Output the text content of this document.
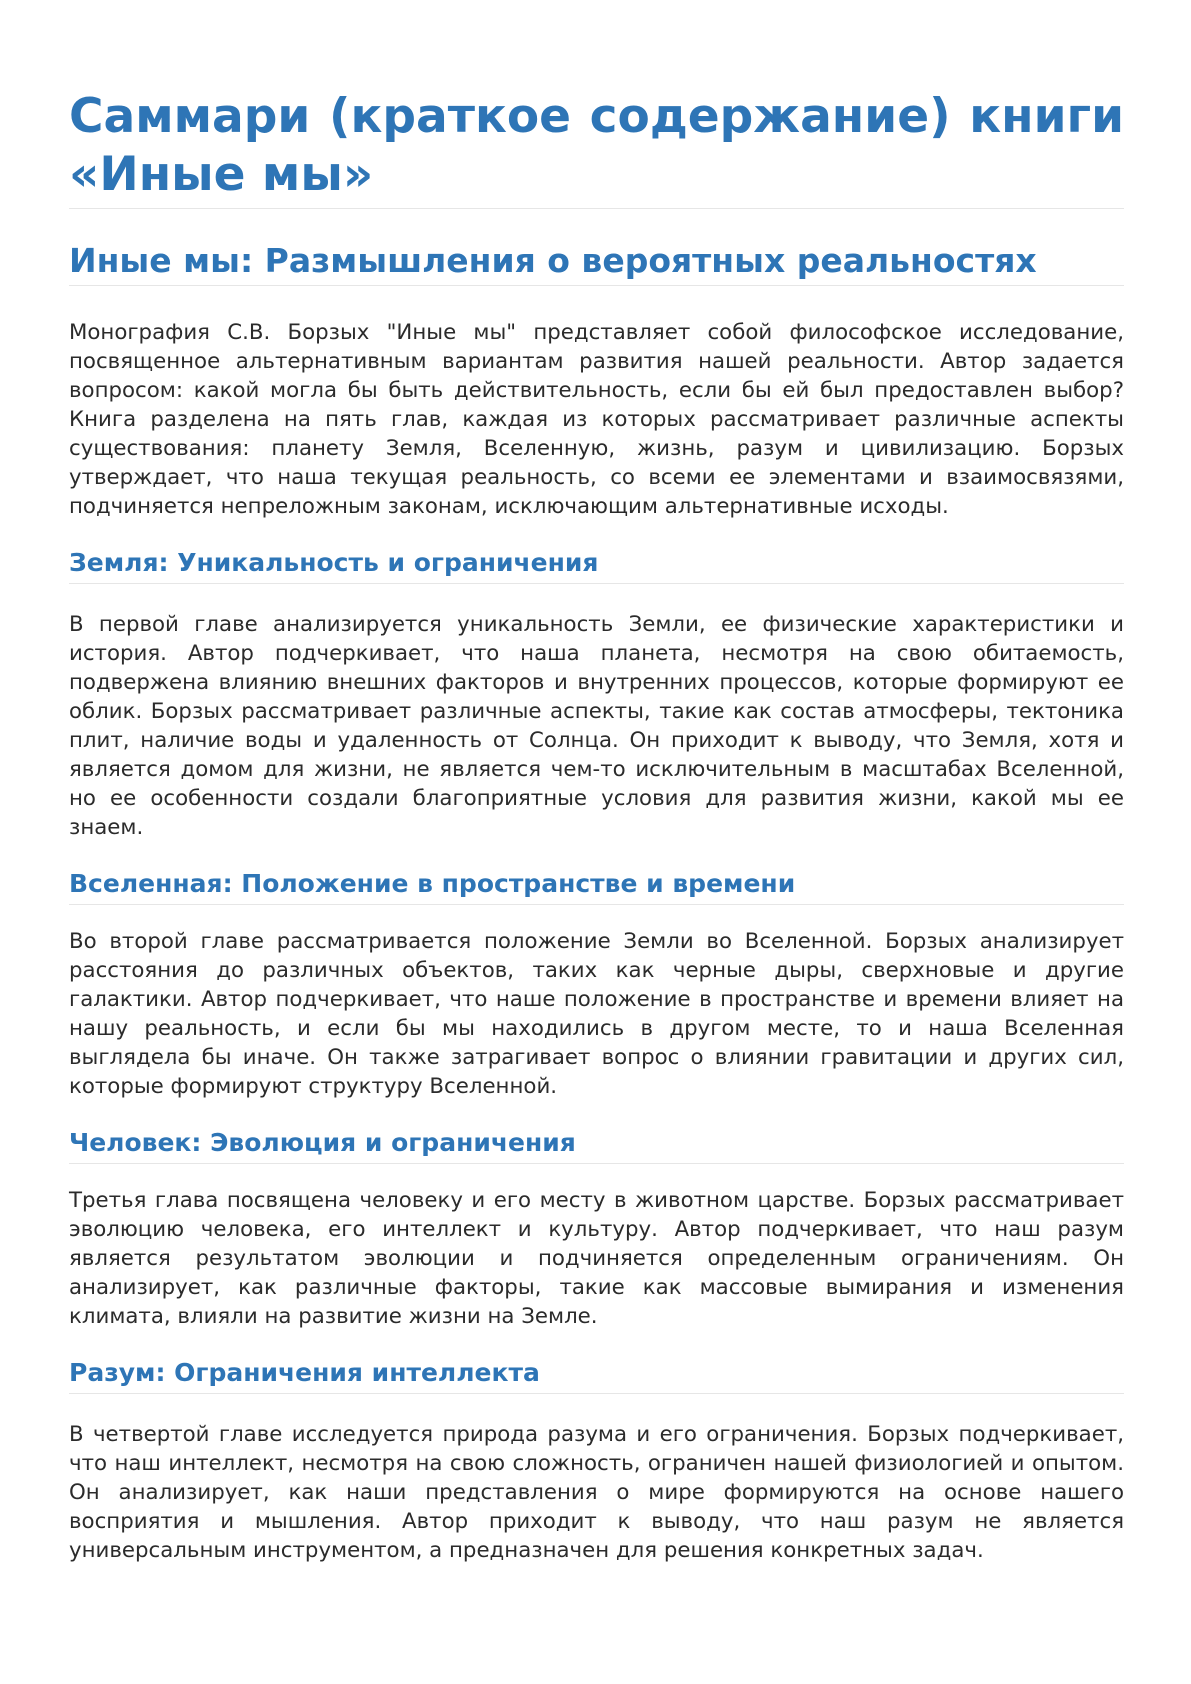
Саммари (краткое содержание) книги «Иные мы»
Иные мы: Размышления о вероятных реальностях

Монография С.В. Борзых "Иные мы" представляет собой философское исследование, посвященное альтернативным вариантам развития нашей реальности. Автор задается вопросом: какой могла бы быть действительность, если бы ей был предоставлен выбор? Книга разделена на пять глав, каждая из которых рассматривает различные аспекты существования: планету Земля, Вселенную, жизнь, разум и цивилизацию. Борзых утверждает, что наша текущая реальность, со всеми ее элементами и взаимосвязями, подчиняется непреложным законам, исключающим альтернативные исходы.

Земля: Уникальность и ограничения

В первой главе анализируется уникальность Земли, ее физические характеристики и история. Автор подчеркивает, что наша планета, несмотря на свою обитаемость, подвержена влиянию внешних факторов и внутренних процессов, которые формируют ее облик. Борзых рассматривает различные аспекты, такие как состав атмосферы, тектоника плит, наличие воды и удаленность от Солнца. Он приходит к выводу, что Земля, хотя и является домом для жизни, не является чем-то исключительным в масштабах Вселенной, но ее особенности создали благоприятные условия для развития жизни, какой мы ее знаем.

Вселенная: Положение в пространстве и времени

Во второй главе рассматривается положение Земли во Вселенной. Борзых анализирует расстояния до различных объектов, таких как черные дыры, сверхновые и другие галактики. Автор подчеркивает, что наше положение в пространстве и времени влияет на нашу реальность, и если бы мы находились в другом месте, то и наша Вселенная выглядела бы иначе. Он также затрагивает вопрос о влиянии гравитации и других сил, которые формируют структуру Вселенной.

Человек: Эволюция и ограничения

Третья глава посвящена человеку и его месту в животном царстве. Борзых рассматривает эволюцию человека, его интеллект и культуру. Автор подчеркивает, что наш разум является результатом эволюции и подчиняется определенным ограничениям. Он анализирует, как различные факторы, такие как массовые вымирания и изменения климата, влияли на развитие жизни на Земле.

Разум: Ограничения интеллекта

В четвертой главе исследуется природа разума и его ограничения. Борзых подчеркивает, что наш интеллект, несмотря на свою сложность, ограничен нашей физиологией и опытом. Он анализирует, как наши представления о мире формируются на основе нашего восприятия и мышления. Автор приходит к выводу, что наш разум не является универсальным инструментом, а предназначен для решения конкретных задач.
